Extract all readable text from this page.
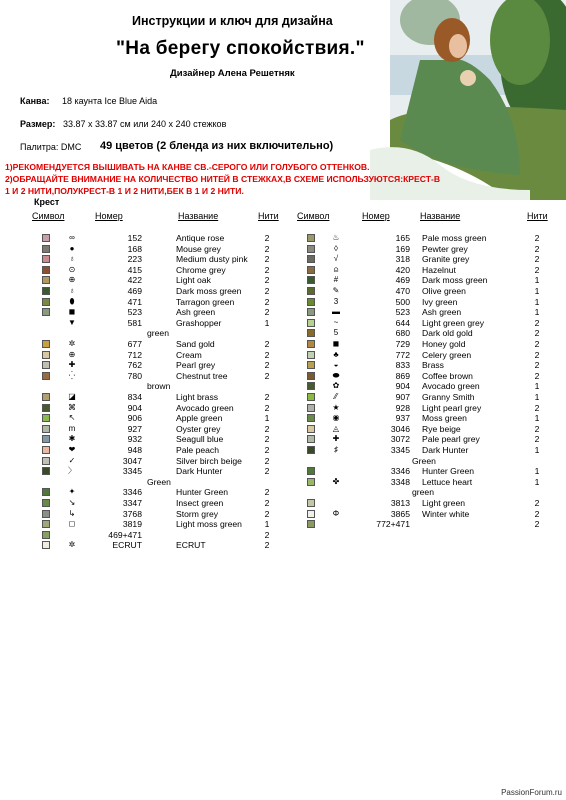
Инструкции и ключ для дизайна
"На берегу спокойствия."
Дизайнер Алена Решетняк
Канва: 18 каунта Ice Blue Aida
Размер: 33.87 x 33.87 см или 240 x 240 стежков
Палитра: DMC 49 цветов (2 бленда из них включительно)
1)РЕКОМЕНДУЕТСЯ ВЫШИВАТЬ НА КАНВЕ СВ.-СЕРОГО ИЛИ ГОЛУБОГО ОТТЕНКОВ.
2)ОБРАЩАЙТЕ ВНИМАНИЕ НА КОЛИЧЕСТВО НИТЕЙ В СТЕЖКАХ,В СХЕМЕ ИСПОЛЬЗУЮТСЯ:КРЕСТ-В 1 И 2 НИТИ,ПОЛУКРЕСТ-В 1 И 2 НИТИ,БЕК В 1 И 2 НИТИ.
Крест
Символ	Номер	Название	Нити Символ	Номер	Название	Нити
∞	152	Antique rose	2
●	168	Mouse grey	2
♁	223	Medium dusty pink	2
⊙	415	Chrome grey	2
⊕	422	Light oak	2
♁	469	Dark moss green	2
⬮	471	Tarragon green	2
◼	523	Ash green	2
▼	581	Grashopper	1
green
✲	677	Sand gold	2
⊕	712	Cream	2
✚	762	Pearl grey	2
⁛	780	Chestnut tree	2
brown
◪	834	Light brass	2
⌘	904	Avocado green	2
↖	906	Apple green	1
m	927	Oyster grey	2
✱	932	Seagull blue	2
❤	948	Pale peach	2
✓	3047	Silver birch beige	2
〉	3345	Dark Hunter	2
Green
✦	3346	Hunter Green	2
↘	3347	Insect green	2
↳	3768	Storm grey	2
◻	3819	Light moss green	1
469+471	2
✲	ECRUT	ECRUT	2
♨	165 Pale moss green	2
◊	169 Pewter grey	2
√	318 Granite grey	2
⍝	420 Hazelnut	2
#	469 Dark moss green	1
✎	470 Olive green	1
3	500 Ivy green	1
▬	523 Ash green	1
~	644 Light green grey	2
5	680 Dark old gold	2
◼	729 Honey gold	2
♣	772 Celery green	2
◒	833 Brass	2
⬬	869 Coffee brown	2
✿	904 Avocado green	1
⁄⁄	907 Granny Smith	1
★	928 Light pearl grey	2
◉	937 Moss green	1
◬	3046 Rye beige	2
✚	3072 Pale pearl grey	2
♯	3345 Dark Hunter	1
Green
3346 Hunter Green	1
✤	3348 Lettuce heart	1
green
3813 Light green	2
Φ	3865 Winter white	2
772+471	2
PassionForum.ru
